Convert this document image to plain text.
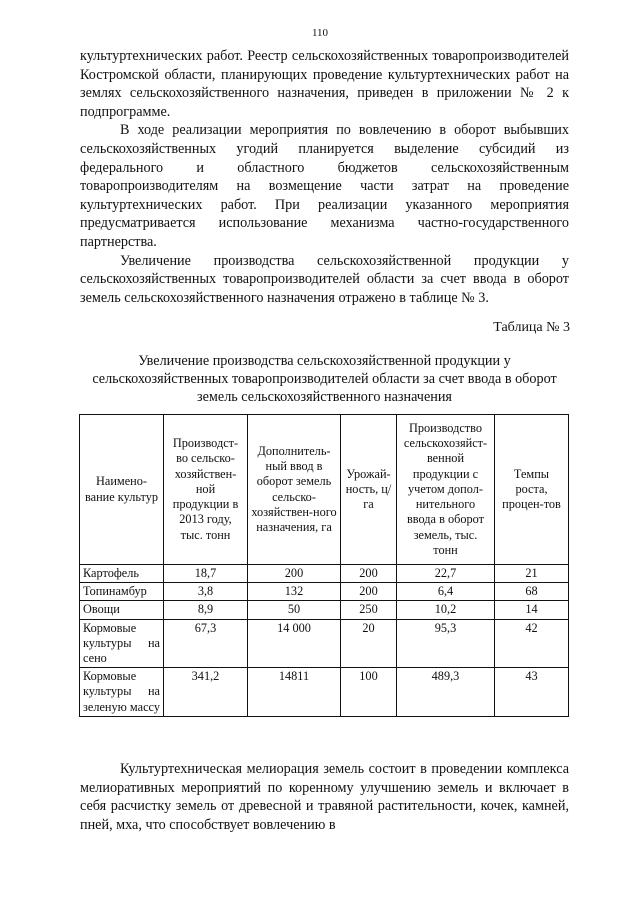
110

культуртехнических работ. Реестр сельскохозяйственных товаропроизводителей Костромской области, планирующих проведение культуртехнических работ на землях сельскохозяйственного назначения, приведен в приложении № 2 к подпрограмме.

В ходе реализации мероприятия по вовлечению в оборот выбывших сельскохозяйственных угодий планируется выделение субсидий из федерального и областного бюджетов сельскохозяйственным товаропроизводителям на возмещение части затрат на проведение культуртехнических работ. При реализации указанного мероприятия предусматривается использование механизма частно-государственного партнерства.

Увеличение производства сельскохозяйственной продукции у сельскохозяйственных товаропроизводителей области за счет ввода в оборот земель сельскохозяйственного назначения отражено в таблице № 3.

Таблица № 3
Увеличение производства сельскохозяйственной продукции у сельскохозяйственных товаропроизводителей области за счет ввода в оборот земель сельскохозяйственного назначения
Наимено-вание культур	Производст-во сельско-хозяйствен-ной продукции в 2013 году, тыс. тонн	Дополнитель-ный ввод в оборот земель сельско-хозяйствен-ного назначения, га	Урожай-ность, ц/га	Производство сельскохозяйст-венной продукции с учетом допол-нительного ввода в оборот земель, тыс. тонн	Темпы роста, процен-тов
Картофель	18,7	200	200	22,7	21
Топинамбур	3,8	132	200	6,4	68
Овощи	8,9	50	250	10,2	14
Кормовые культуры на сено	67,3	14 000	20	95,3	42
Кормовые культуры на зеленую массу	341,2	14811	100	489,3	43

Культуртехническая мелиорация земель состоит в проведении комплекса мелиоративных мероприятий по коренному улучшению земель и включает в себя расчистку земель от древесной и травяной растительности, кочек, камней, пней, мха, что способствует вовлечению в
